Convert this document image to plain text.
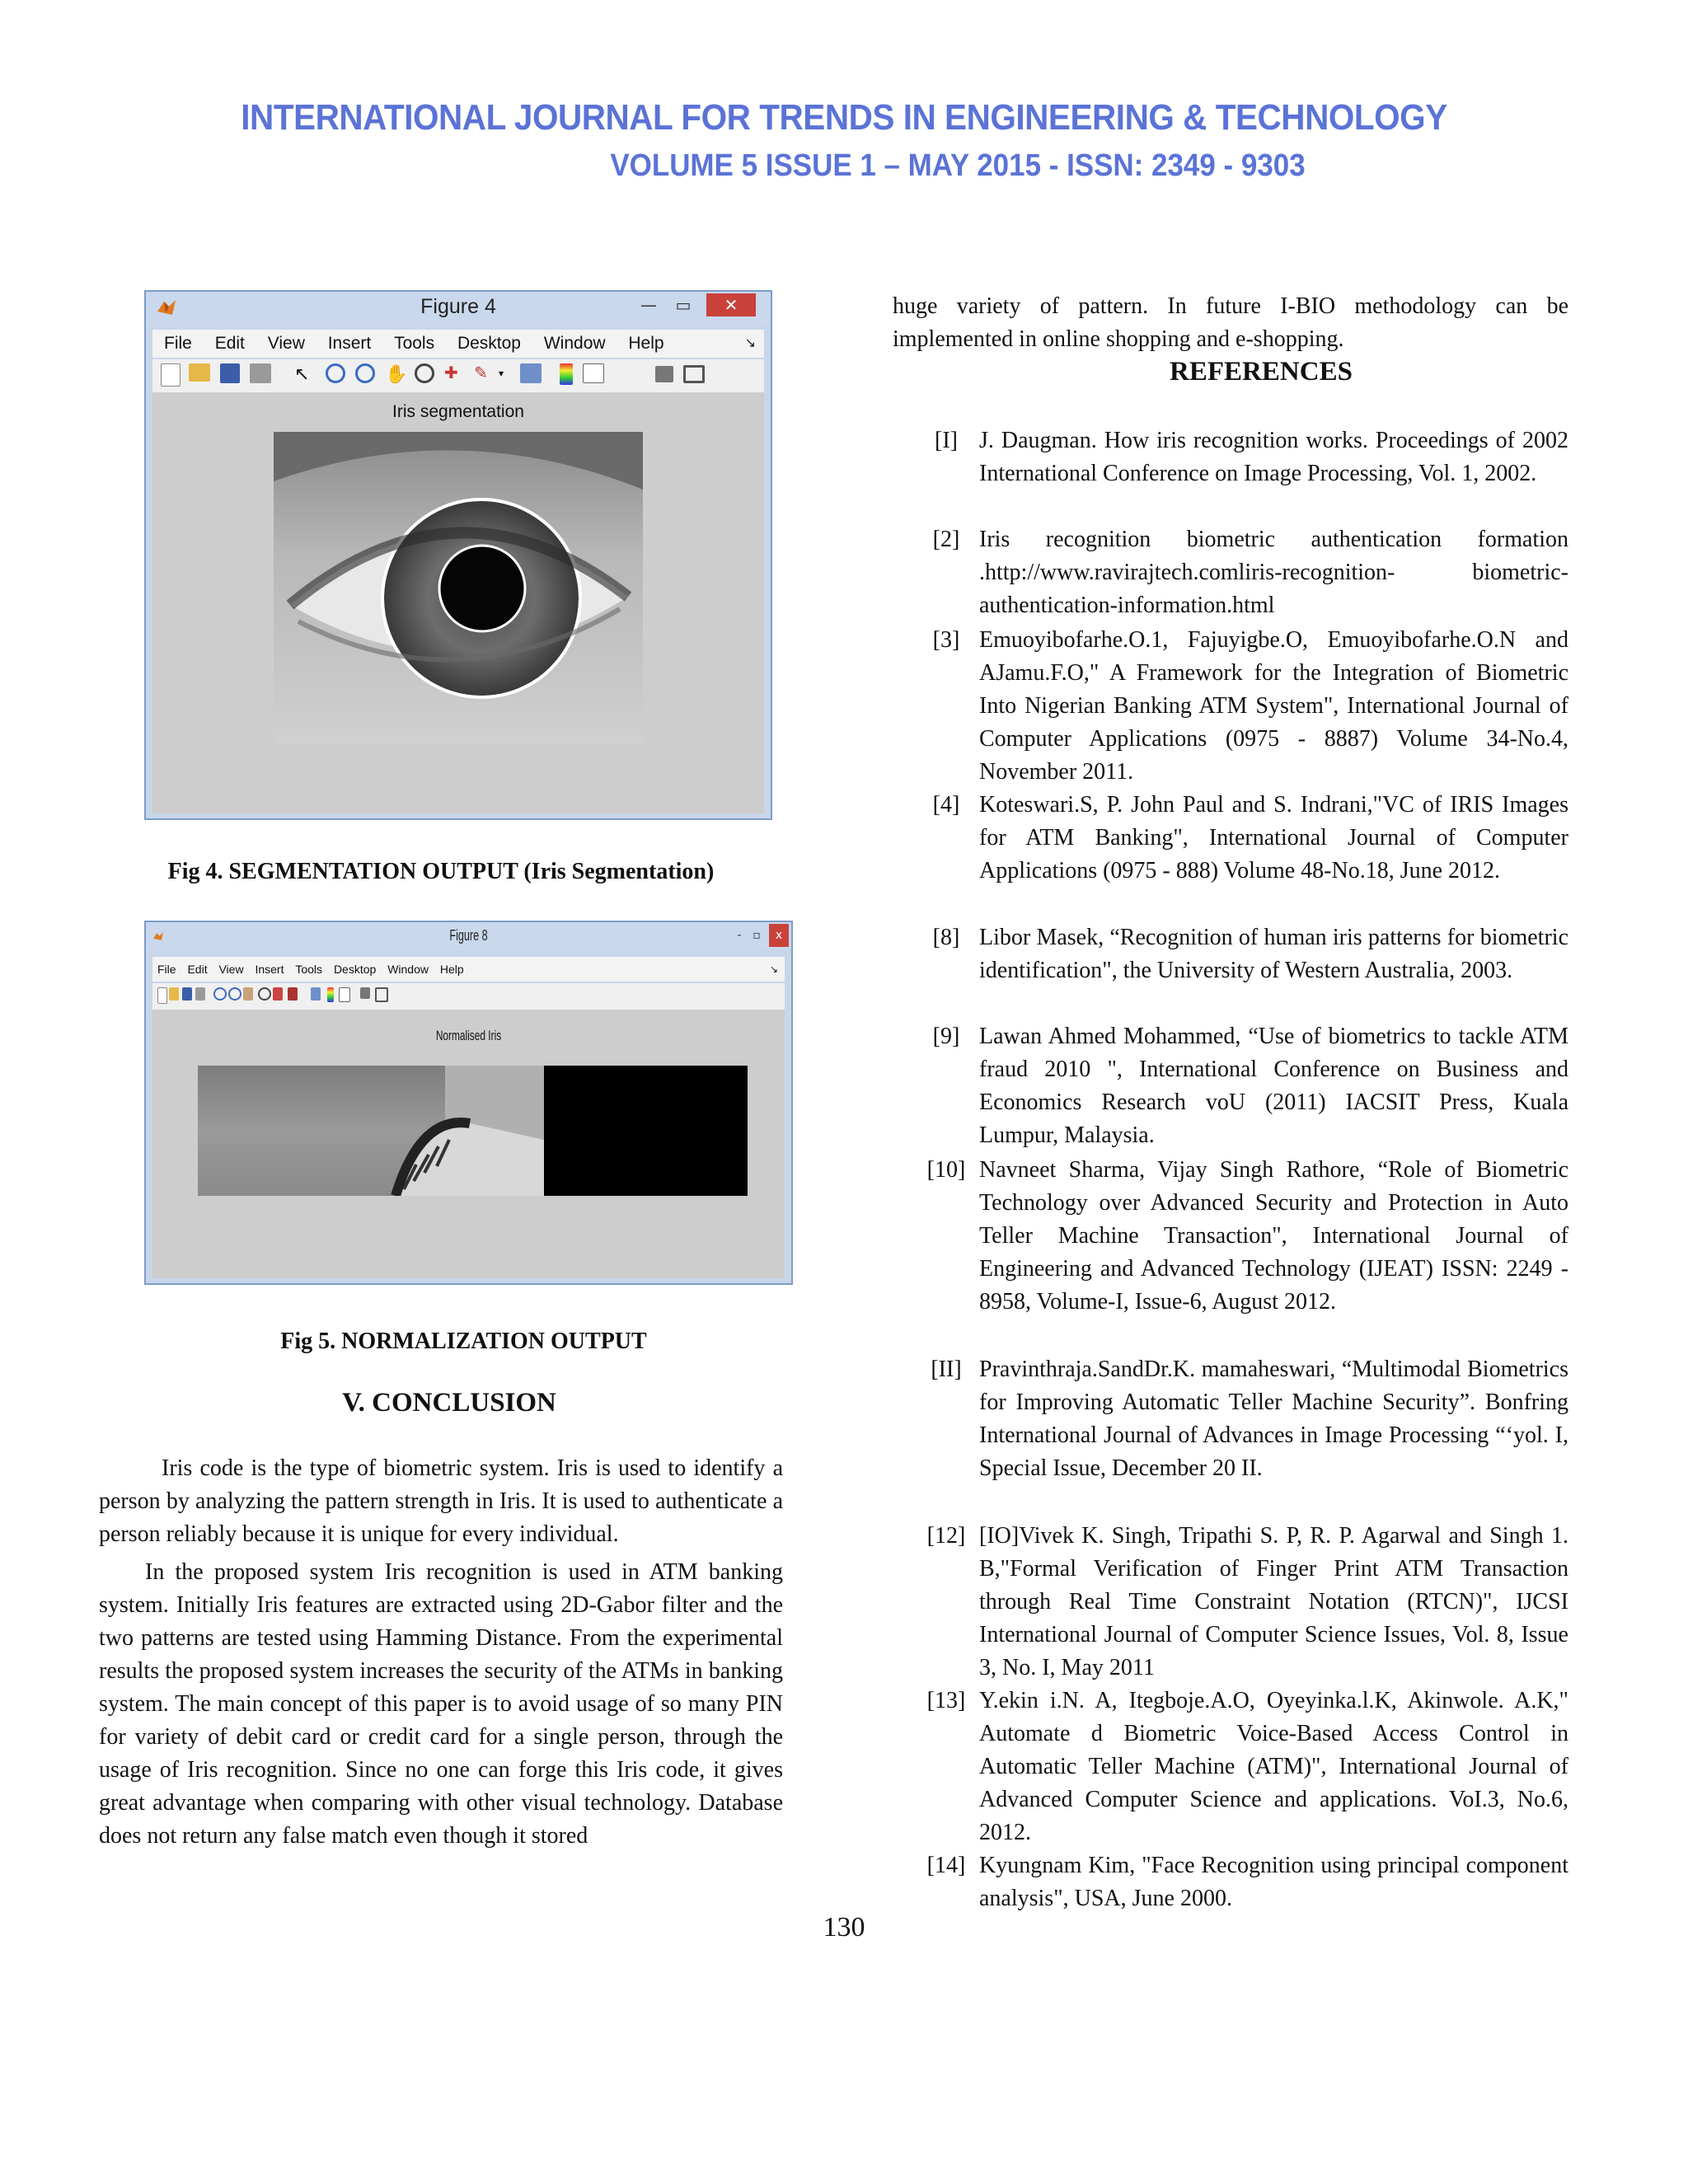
INTERNATIONAL JOURNAL FOR TRENDS IN ENGINEERING & TECHNOLOGY
VOLUME 5 ISSUE 1 – MAY 2015 - ISSN: 2349 - 9303
Figure 4	—	▭	✕
File Edit View Insert Tools Desktop Window Help	↘
↖	✋ ✚ ✎	▾
Iris segmentation
Fig 4. SEGMENTATION OUTPUT (Iris Segmentation)
Figure 8	- ▫	x
File Edit View Insert Tools Desktop Window Help	↘
Normalised Iris
Fig 5. NORMALIZATION OUTPUT
V. CONCLUSION

Iris code is the type of biometric system. Iris is used to identify a person by analyzing the pattern strength in Iris. It is used to authenticate a person reliably because it is unique for every individual.

In the proposed system Iris recognition is used in ATM banking system. Initially Iris features are extracted using 2D-Gabor filter and the two patterns are tested using Hamming Distance. From the experimental results the proposed system increases the security of the ATMs in banking system. The main concept of this paper is to avoid usage of so many PIN for variety of debit card or credit card for a single person, through the usage of Iris recognition. Since no one can forge this Iris code, it gives great advantage when comparing with other visual technology. Database does not return any false match even though it stored

huge variety of pattern. In future I-BIO methodology can be implemented in online shopping and e-shopping.
REFERENCES
[I] J. Daugman. How iris recognition works. Proceedings of 2002 International Conference on Image Processing, Vol. 1, 2002.
[2] Iris recognition biometric authentication formation .http://www.ravirajtech.comliris-recognition- biometric-authentication-information.html
[3] Emuoyibofarhe.O.1, Fajuyigbe.O, Emuoyibofarhe.O.N and AJamu.F.O," A Framework for the Integration of Biometric Into Nigerian Banking ATM System", International Journal of Computer Applications (0975 - 8887) Volume 34-No.4, November 2011.
[4] Koteswari.S, P. John Paul and S. Indrani,"VC of IRIS Images for ATM Banking", International Journal of Computer Applications (0975 - 888) Volume 48-No.18, June 2012.
[8] Libor Masek, “Recognition of human iris patterns for biometric identification", the University of Western Australia, 2003.
[9] Lawan Ahmed Mohammed, “Use of biometrics to tackle ATM fraud 2010 ", International Conference on Business and Economics Research voU (2011) IACSIT Press, Kuala Lumpur, Malaysia.
[10] Navneet Sharma, Vijay Singh Rathore, “Role of Biometric Technology over Advanced Security and Protection in Auto Teller Machine Transaction", International Journal of Engineering and Advanced Technology (IJEAT) ISSN: 2249 - 8958, Volume-I, Issue-6, August 2012.
[II] Pravinthraja.SandDr.K. mamaheswari, “Multimodal Biometrics for Improving Automatic Teller Machine Security”. Bonfring International Journal of Advances in Image Processing “‘yol. I, Special Issue, December 20 II.
[12] [IO]Vivek K. Singh, Tripathi S. P, R. P. Agarwal and Singh 1. B,"Formal Verification of Finger Print ATM Transaction through Real Time Constraint Notation (RTCN)", IJCSI International Journal of Computer Science Issues, Vol. 8, Issue 3, No. I, May 2011
[13] Y.ekin i.N. A, Itegboje.A.O, Oyeyinka.l.K, Akinwole. A.K," Automate d Biometric Voice-Based Access Control in Automatic Teller Machine (ATM)", International Journal of Advanced Computer Science and applications. VoI.3, No.6, 2012.
[14] Kyungnam Kim, "Face Recognition using principal component analysis", USA, June 2000.
130
